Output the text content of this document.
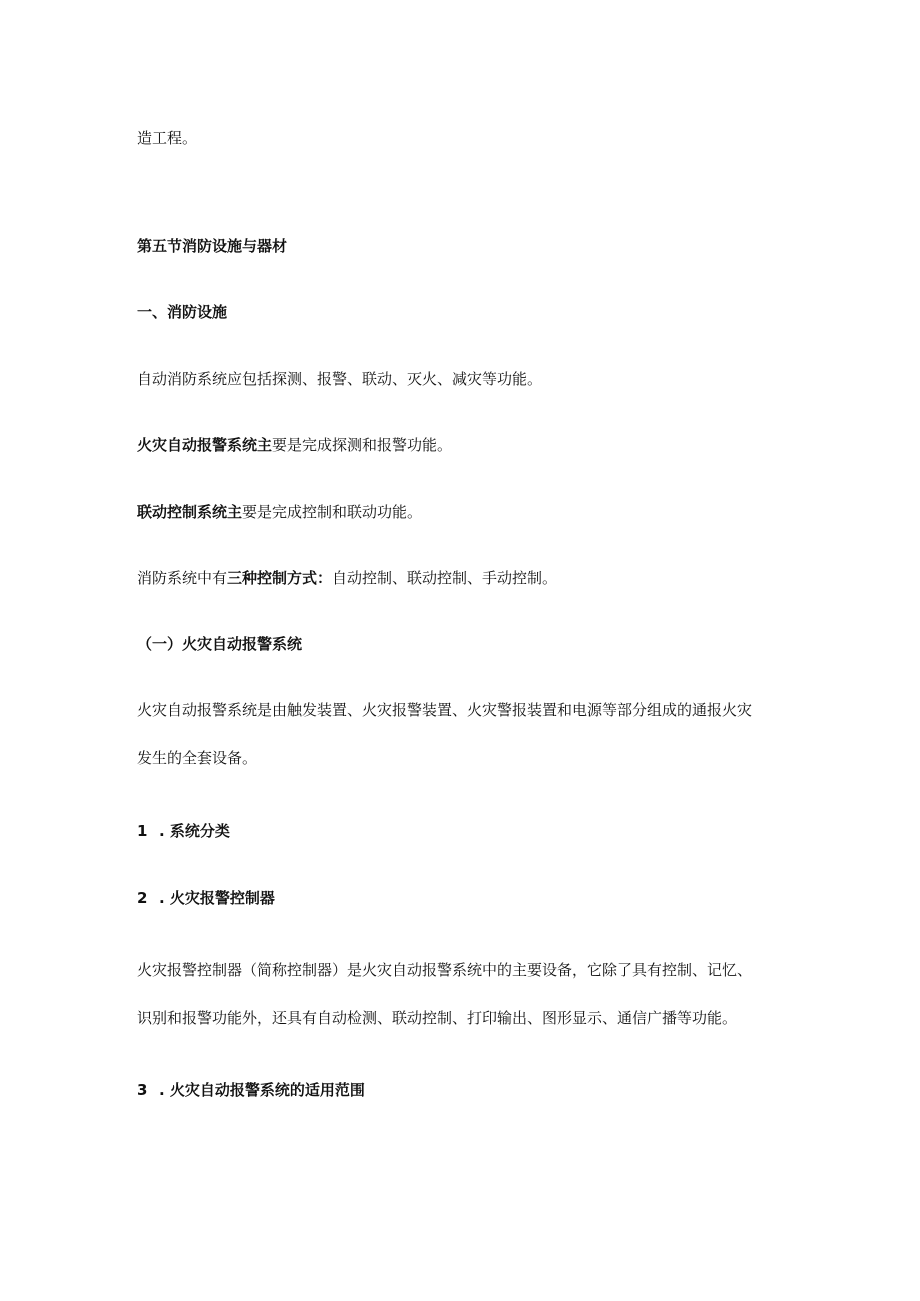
造工程。
第五节消防设施与器材
一、消防设施
自动消防系统应包括探测、报警、联动、灭火、减灾等功能。
火灾自动报警系统主要是完成探测和报警功能。
联动控制系统主要是完成控制和联动功能。
消防系统中有三种控制方式：自动控制、联动控制、手动控制。
（一）火灾自动报警系统
火灾自动报警系统是由触发装置、火灾报警装置、火灾警报装置和电源等部分组成的通报火灾
发生的全套设备。
1 . 系统分类
2 . 火灾报警控制器
火灾报警控制器（简称控制器）是火灾自动报警系统中的主要设备，它除了具有控制、记忆、
识别和报警功能外，还具有自动检测、联动控制、打印输出、图形显示、通信广播等功能。
3 . 火灾自动报警系统的适用范围
